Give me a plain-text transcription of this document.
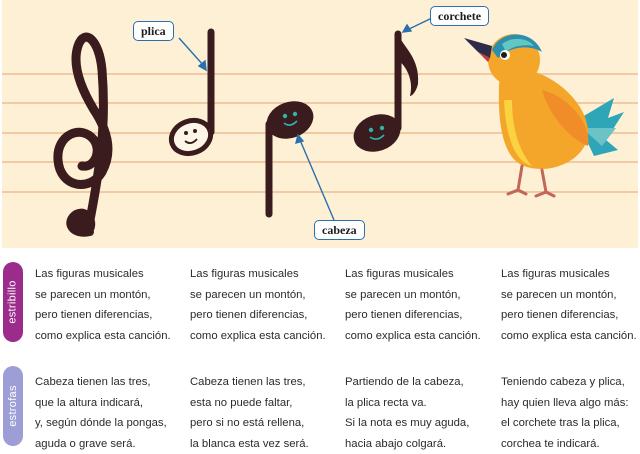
plica
corchete
cabeza
estribillo
Las figuras musicales
se parecen un montón,
pero tienen diferencias,
como explica esta canción.
Las figuras musicales
se parecen un montón,
pero tienen diferencias,
como explica esta canción.
Las figuras musicales
se parecen un montón,
pero tienen diferencias,
como explica esta canción.
Las figuras musicales
se parecen un montón,
pero tienen diferencias,
como explica esta canción.
estrofas
Cabeza tienen las tres,
que la altura indicará,
y, según dónde la pongas,
aguda o grave será.
Cabeza tienen las tres,
esta no puede faltar,
pero si no está rellena,
la blanca esta vez será.
Partiendo de la cabeza,
la plica recta va.
Si la nota es muy aguda,
hacia abajo colgará.
Teniendo cabeza y plica,
hay quien lleva algo más:
el corchete tras la plica,
corchea te indicará.
